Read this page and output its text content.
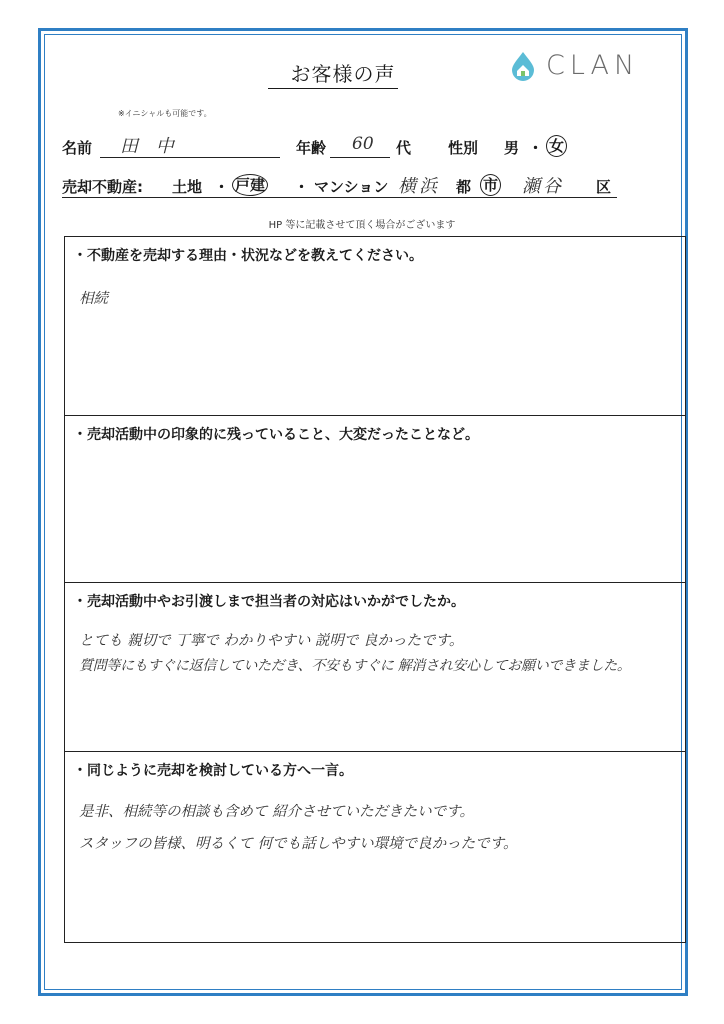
お客様の声	CLAN
※イニシャルも可能です。
名前 田 中	年齢 60 代 性別 男 ・ 女
売却不動産: 土地 ・ 戸建 ・ マンション 横浜 都 市 瀬谷 区
HP 等に記載させて頂く場合がございます
・不動産を売却する理由・状況などを教えてください。
相続
・売却活動中の印象的に残っていること、大変だったことなど。
・売却活動中やお引渡しまで担当者の対応はいかがでしたか。
とても 親切で 丁寧で わかりやすい 説明で 良かったです。
質問等にもすぐに返信していただき、不安もすぐに 解消され安心してお願いできました。
・同じように売却を検討している方へ一言。
是非、相続等の相談も含めて 紹介させていただきたいです。
スタッフの皆様、明るくて 何でも話しやすい環境で良かったです。
